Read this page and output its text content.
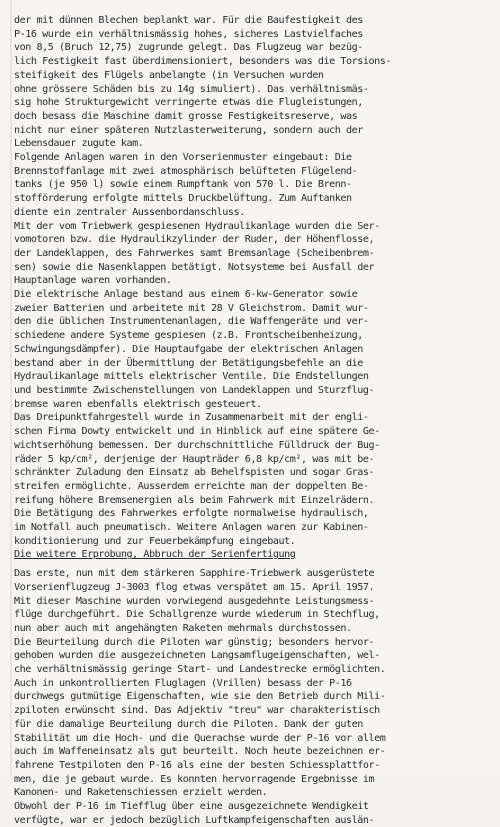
der mit dünnen Blechen beplankt war. Für die Baufestigkeit des
P-16 wurde ein verhältnismässig hohes, sicheres Lastvielfaches
von 8,5 (Bruch 12,75) zugrunde gelegt. Das Flugzeug war bezüg-
lich Festigkeit fast überdimensioniert, besonders was die Torsions-
steifigkeit des Flügels anbelangte (in Versuchen wurden
ohne grössere Schäden bis zu 14g simuliert). Das verhältnismäs-
sig hohe Strukturgewicht verringerte etwas die Flugleistungen,
doch besass die Maschine damit grosse Festigkeitsreserve, was
nicht nur einer späteren Nutzlasterweiterung, sondern auch der
Lebensdauer zugute kam.
Folgende Anlagen waren in den Vorserienmuster eingebaut: Die
Brennstoffanlage mit zwei atmosphärisch belüfteten Flügelend-
tanks (je 950 l) sowie einem Rumpftank von 570 l. Die Brenn-
stofförderung erfolgte mittels Druckbelüftung. Zum Auftanken
diente ein zentraler Aussenbordanschluss.
Mit der vom Triebwerk gespiesenen Hydraulikanlage wurden die Ser-
vomotoren bzw. die Hydraulikzylinder der Ruder, der Höhenflosse,
der Landeklappen, des Fahrwerkes samt Bremsanlage (Scheibenbrem-
sen) sowie die Nasenklappen betätigt. Notsysteme bei Ausfall der
Hauptanlage waren vorhanden.
Die elektrische Anlage bestand aus einem 6-kw-Generator sowie
zweier Batterien und arbeitete mit 28 V Gleichstrom. Damit wur-
den die üblichen Instrumentenanlagen, die Waffengeräte und ver-
schiedene andere Systeme gespiesen (z.B. Frontscheibenheizung,
Schwingungsdämpfer). Die Hauptaufgabe der elektrischen Anlagen
bestand aber in der Übermittlung der Betätigungsbefehle an die
Hydraulikanlage mittels elektrischer Ventile. Die Endstellungen
und bestimmte Zwischenstellungen von Landeklappen und Sturzflug-
bremse waren ebenfalls elektrisch gesteuert.
Das Dreipunktfahrgestell wurde in Zusammenarbeit mit der engli-
schen Firma Dowty entwickelt und in Hinblick auf eine spätere Ge-
wichtserhöhung bemessen. Der durchschnittliche Fülldruck der Bug-
räder 5 kp/cm², derjenige der Haupträder 6,8 kp/cm², was mit be-
schränkter Zuladung den Einsatz ab Behelfspisten und sogar Gras-
streifen ermöglichte. Ausserdem erreichte man der doppelten Be-
reifung höhere Bremsenergien als beim Fahrwerk mit Einzelrädern.
Die Betätigung des Fahrwerkes erfolgte normalweise hydraulisch,
im Notfall auch pneumatisch. Weitere Anlagen waren zur Kabinen-
konditionierung und zur Feuerbekämpfung eingebaut.
Die weitere Erprobung, Abbruch der Serienfertigung
Das erste, nun mit dem stärkeren Sapphire-Triebwerk ausgerüstete
Vorserienflugzeug J-3003 flog etwas verspätet am 15. April 1957.
Mit dieser Maschine wurden vorwiegend ausgedehnte Leistungsmess-
flüge durchgeführt. Die Schallgrenze wurde wiederum in Stechflug,
nun aber auch mit angehängten Raketen mehrmals durchstossen.
Die Beurteilung durch die Piloten war günstig; besonders hervor-
gehoben wurden die ausgezeichneten Langsamflugeigenschaften, wel-
che verhältnismässig geringe Start- und Landestrecke ermöglichten.
Auch in unkontrollierten Fluglagen (Vrillen) besass der P-16
durchwegs gutmütige Eigenschaften, wie sie den Betrieb durch Mili-
zpiloten erwünscht sind. Das Adjektiv "treu" war charakteristisch
für die damalige Beurteilung durch die Piloten. Dank der guten
Stabilität um die Hoch- und die Querachse wurde der P-16 vor allem
auch im Waffeneinsatz als gut beurteilt. Noch heute bezeichnen er-
fahrene Testpiloten den P-16 als eine der besten Schiessplattfor-
men, die je gebaut wurde. Es konnten hervorragende Ergebnisse im
Kanonen- und Raketenschiessen erzielt werden.
Obwohl der P-16 im Tiefflug über eine ausgezeichnete Wendigkeit
verfügte, war er jedoch bezüglich Luftkampfeigenschaften auslän-
